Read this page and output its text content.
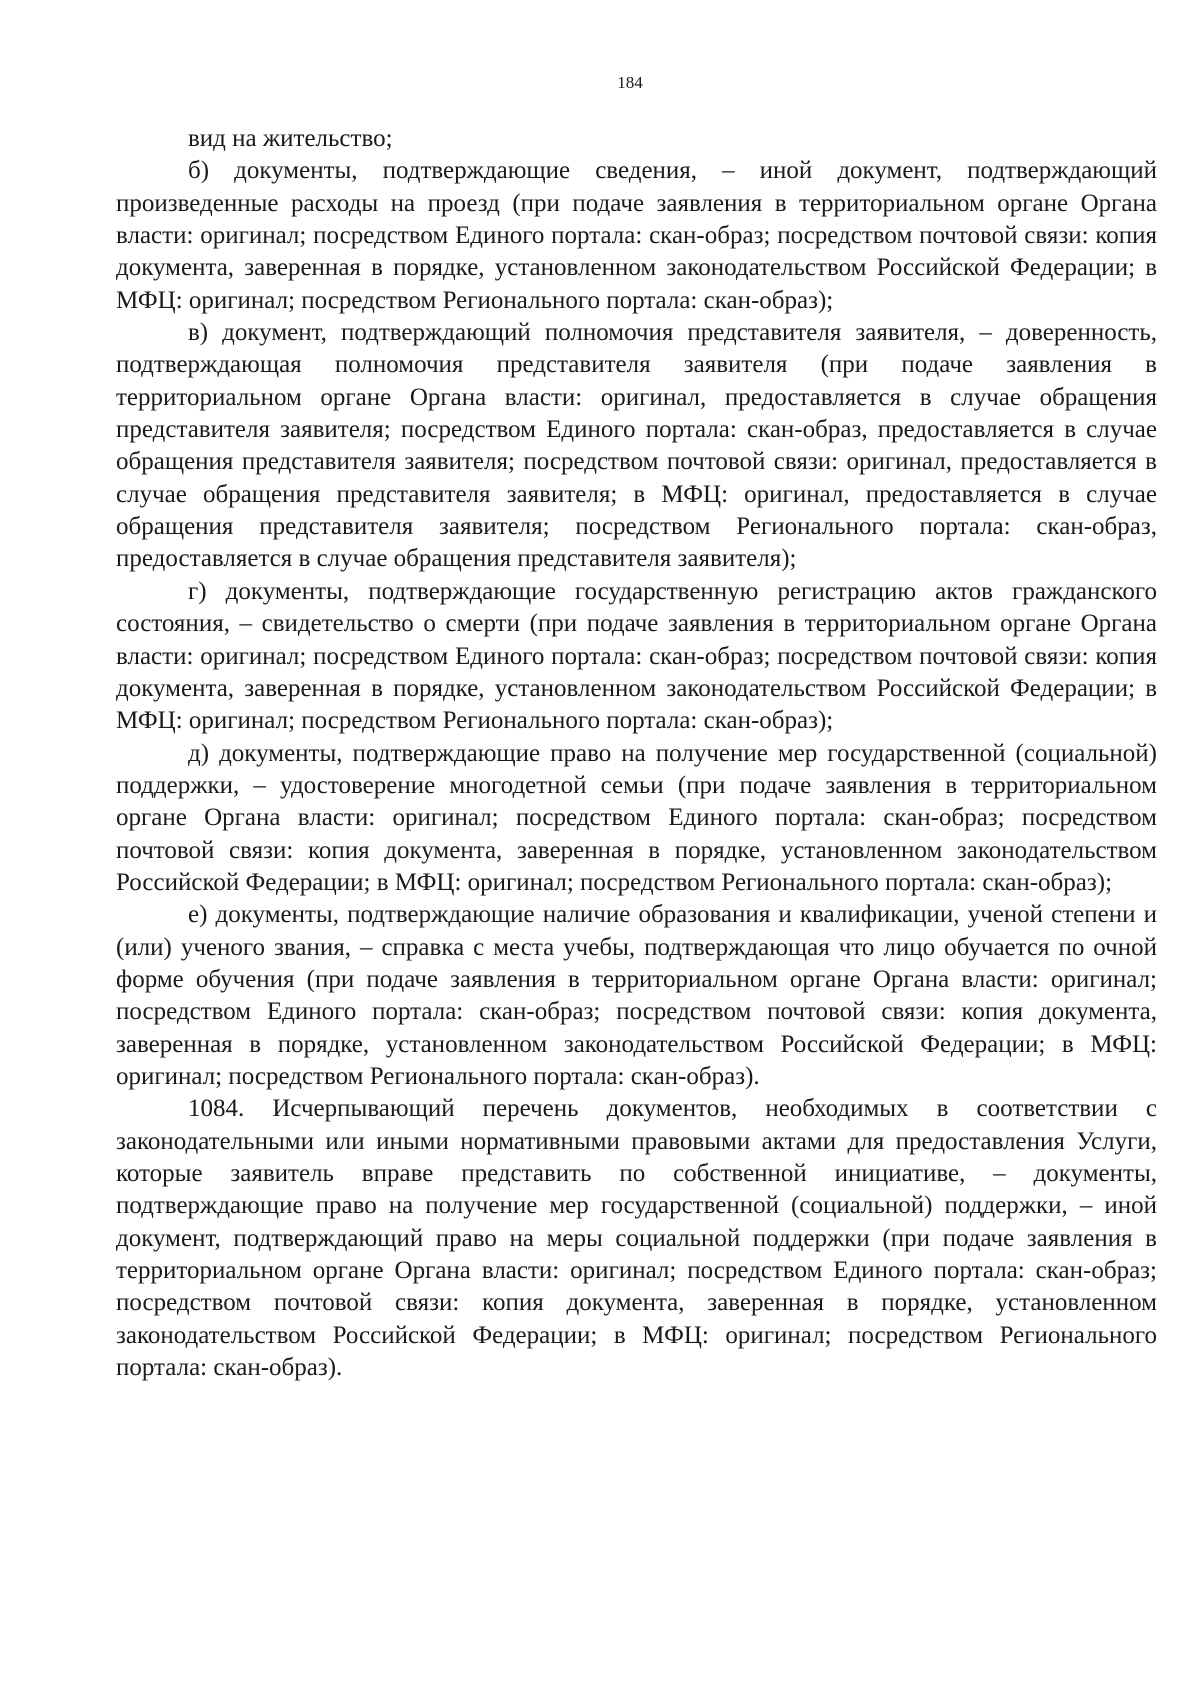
184

вид на жительство;

б) документы, подтверждающие сведения, – иной документ, подтверждающий произведенные расходы на проезд (при подаче заявления в территориальном органе Органа власти: оригинал; посредством Единого портала: скан-образ; посредством почтовой связи: копия документа, заверенная в порядке, установленном законодательством Российской Федерации; в МФЦ: оригинал; посредством Регионального портала: скан-образ);

в) документ, подтверждающий полномочия представителя заявителя, – доверенность, подтверждающая полномочия представителя заявителя (при подаче заявления в территориальном органе Органа власти: оригинал, предоставляется в случае обращения представителя заявителя; посредством Единого портала: скан-образ, предоставляется в случае обращения представителя заявителя; посредством почтовой связи: оригинал, предоставляется в случае обращения представителя заявителя; в МФЦ: оригинал, предоставляется в случае обращения представителя заявителя; посредством Регионального портала: скан-образ, предоставляется в случае обращения представителя заявителя);

г) документы, подтверждающие государственную регистрацию актов гражданского состояния, – свидетельство о смерти (при подаче заявления в территориальном органе Органа власти: оригинал; посредством Единого портала: скан-образ; посредством почтовой связи: копия документа, заверенная в порядке, установленном законодательством Российской Федерации; в МФЦ: оригинал; посредством Регионального портала: скан-образ);

д) документы, подтверждающие право на получение мер государственной (социальной) поддержки, – удостоверение многодетной семьи (при подаче заявления в территориальном органе Органа власти: оригинал; посредством Единого портала: скан-образ; посредством почтовой связи: копия документа, заверенная в порядке, установленном законодательством Российской Федерации; в МФЦ: оригинал; посредством Регионального портала: скан-образ);

е) документы, подтверждающие наличие образования и квалификации, ученой степени и (или) ученого звания, – справка с места учебы, подтверждающая что лицо обучается по очной форме обучения (при подаче заявления в территориальном органе Органа власти: оригинал; посредством Единого портала: скан-образ; посредством почтовой связи: копия документа, заверенная в порядке, установленном законодательством Российской Федерации; в МФЦ: оригинал; посредством Регионального портала: скан-образ).

1084. Исчерпывающий перечень документов, необходимых в соответствии с законодательными или иными нормативными правовыми актами для предоставления Услуги, которые заявитель вправе представить по собственной инициативе, – документы, подтверждающие право на получение мер государственной (социальной) поддержки, – иной документ, подтверждающий право на меры социальной поддержки (при подаче заявления в территориальном органе Органа власти: оригинал; посредством Единого портала: скан-образ; посредством почтовой связи: копия документа, заверенная в порядке, установленном законодательством Российской Федерации; в МФЦ: оригинал; посредством Регионального портала: скан-образ).
